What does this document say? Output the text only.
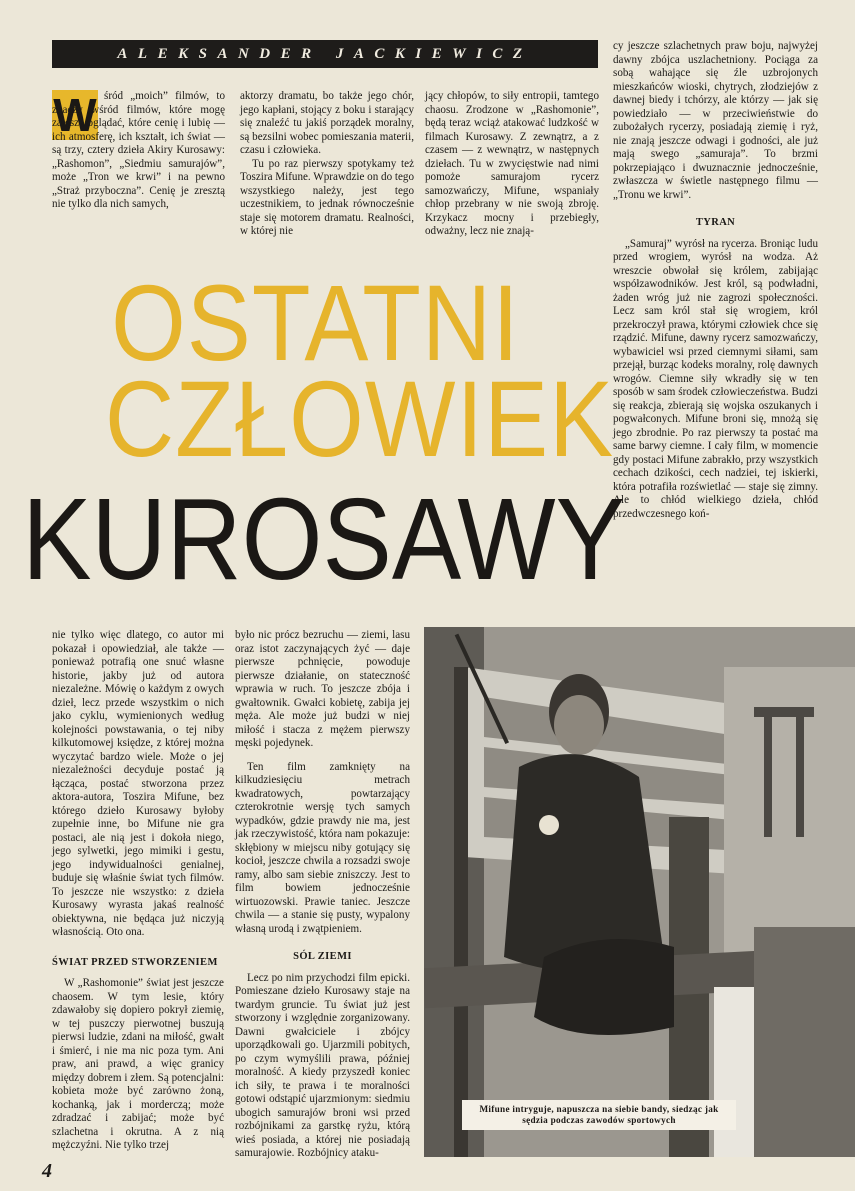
ALEKSANDER JACKIEWICZ	cy jeszcze szlachetnych praw boju, najwyżej dawny zbójca uszlachetniony. Pociąga za sobą wahające się źle uzbrojonych mieszkańców wioski, chytrych, złodziejów z dawnej biedy i tchórzy, ale którzy — jak się powiedziało — w przeciwieństwie do zubożałych rycerzy, posiadają ziemię i ryż, nie znają jeszcze odwagi i godności, ale już mają swego „samuraja”. To brzmi pokrzepiająco i dwuznacznie jednocześnie, zwłaszcza w świetle następnego filmu — „Tronu we krwi”.

TYRAN

„Samuraj” wyrósł na rycerza. Broniąc ludu przed wrogiem, wyrósł na wodza. Aż wreszcie obwołał się królem, zabijając współzawodników. Jest król, są podwładni, żaden wróg już nie zagrozi społeczności. Lecz sam król stał się wrogiem, król przekroczył prawa, którymi człowiek chce się rządzić. Mifune, dawny rycerz samozwańczy, wybawiciel wsi przed ciemnymi siłami, sam przejął, burząc kodeks moralny, rolę dawnych wrogów. Ciemne siły wkradły się w ten sposób w sam środek człowieczeństwa. Budzi się reakcja, zbierają się wojska oszukanych i pogwałconych. Mifune broni się, mnożą się jego zbrodnie. Po raz pierwszy ta postać ma same barwy ciemne. I cały film, w momencie gdy postaci Mifune zabrakło, przy wszystkich cechach dzikości, cech nadziei, tej iskierki, która potrafiła rozświetlać — staje się zimny. Ale to chłód wielkiego dzieła, chłód przedwczesnego koń-

W śród „moich” filmów, to znaczy wśród filmów, które mogę zawsze oglądać, które cenię i lubię — ich atmosferę, ich kształt, ich świat — są trzy, cztery dzieła Akiry Kurosawy: „Rashomon”, „Siedmiu samurajów”, może „Tron we krwi” i na pewno „Straż przyboczna”. Cenię je zresztą nie tylko dla nich samych,

aktorzy dramatu, bo także jego chór, jego kapłani, stojący z boku i starający się znaleźć tu jakiś porządek moralny, są bezsilni wobec pomieszania materii, czasu i człowieka.

Tu po raz pierwszy spotykamy też Toszira Mifune. Wprawdzie on do tego wszystkiego należy, jest tego uczestnikiem, to jednak równocześnie staje się motorem dramatu. Realności, w której nie

jący chłopów, to siły entropii, tamtego chaosu. Zrodzone w „Rashomonie”, będą teraz wciąż atakować ludzkość w filmach Kurosawy. Z zewnątrz, a z czasem — z wewnątrz, w następnych dziełach. Tu w zwycięstwie nad nimi pomoże samurajom rycerz samozwańczy, Mifune, wspaniały chłop przebrany w nie swoją zbroję. Krzykacz mocny i przebiegły, odważny, lecz nie znają-

OSTATNI
CZŁOWIEK
KUROSAWY

nie tylko więc dlatego, co autor mi pokazał i opowiedział, ale także — ponieważ potrafią one snuć własne historie, jakby już od autora niezależne. Mówię o każdym z owych dzieł, lecz przede wszystkim o nich jako cyklu, wymienionych według kolejności powstawania, o tej niby kilkutomowej księdze, z której można wyczytać bardzo wiele. Może o jej niezależności decyduje postać ją łącząca, postać stworzona przez aktora-autora, Toszira Mifune, bez którego dzieło Kurosawy byłoby zupełnie inne, bo Mifune nie gra postaci, ale nią jest i dokoła niego, jego sylwetki, jego mimiki i gestu, jego indywidualności genialnej, buduje się właśnie świat tych filmów. To jeszcze nie wszystko: z dzieła Kurosawy wyrasta jakaś realność obiektywna, nie będąca już niczyją własnością. Oto ona.

ŚWIAT PRZED STWORZENIEM

W „Rashomonie” świat jest jeszcze chaosem. W tym lesie, który zdawałoby się dopiero pokrył ziemię, w tej puszczy pierwotnej buszują pierwsi ludzie, zdani na miłość, gwałt i śmierć, i nie ma nic poza tym. Ani praw, ani prawd, a więc granicy między dobrem i złem. Są potencjalni: kobieta może być zarówno żoną, kochanką, jak i morderczą; może zdradzać i zabijać; może być szlachetna i okrutna. A z nią mężczyźni. Nie tylko trzej

było nic prócz bezruchu — ziemi, lasu oraz istot zaczynających żyć — daje pierwsze pchnięcie, powoduje pierwsze działanie, on stateczność wprawia w ruch. To jeszcze zbója i gwałtownik. Gwałci kobietę, zabija jej męża. Ale może już budzi w niej miłość i stacza z mężem pierwszy męski pojedynek.

Ten film zamknięty na kilkudziesięciu metrach kwadratowych, powtarzający czterokrotnie wersję tych samych wypadków, gdzie prawdy nie ma, jest jak rzeczywistość, która nam pokazuje: skłębiony w miejscu niby gotujący się kocioł, jeszcze chwila a rozsadzi swoje ramy, albo sam siebie zniszczy. Jest to film bowiem jednocześnie wirtuozowski. Prawie taniec. Jeszcze chwila — a stanie się pusty, wypalony własną urodą i zwątpieniem.

SÓL ZIEMI

Lecz po nim przychodzi film epicki. Pomieszane dzieło Kurosawy staje na twardym gruncie. Tu świat już jest stworzony i względnie zorganizowany. Dawni gwałciciele i zbójcy uporządkowali go. Ujarzmili pobitych, po czym wymyślili prawa, później moralność. A kiedy przyszedł koniec ich siły, te prawa i te moralności gotowi odstąpić ujarzmionym: siedmiu ubogich samurajów broni wsi przed rozbójnikami za garstkę ryżu, którą wieś posiada, a której nie posiadają samurajowie. Rozbójnicy ataku-

Mifune intryguje, napuszcza na siebie bandy, siedząc jak sędzia podczas zawodów sportowych
4
